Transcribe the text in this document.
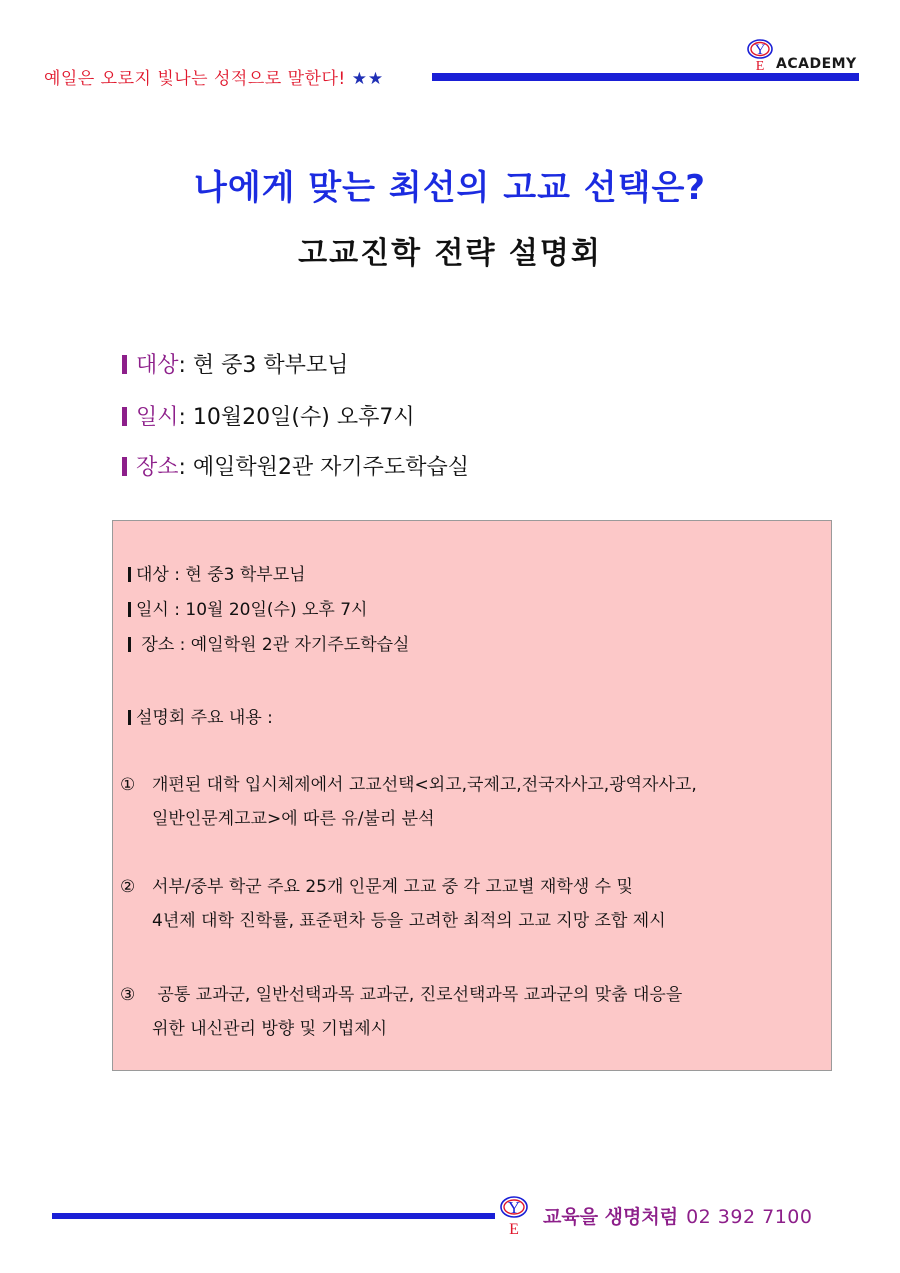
예일은 오로지 빛나는 성적으로 말한다! ★★
Y
E ACADEMY
나에게 맞는 최선의 고교 선택은?
고교진학 전략 설명회
대상: 현 중3 학부모님
일시: 10월20일(수) 오후7시
장소: 예일학원2관 자기주도학습실
대상 : 현 중3 학부모님
일시 : 10월 20일(수) 오후 7시
장소 : 예일학원 2관 자기주도학습실
설명회 주요 내용 :
① 개편된 대학 입시체제에서 고교선택<외고,국제고,전국자사고,광역자사고,
일반인문계고교>에 따른 유/불리 분석
② 서부/중부 학군 주요 25개 인문계 고교 중 각 고교별 재학생 수 및
4년제 대학 진학률, 표준편차 등을 고려한 최적의 고교 지망 조합 제시
③ 공통 교과군, 일반선택과목 교과군, 진로선택과목 교과군의 맞춤 대응을
위한 내신관리 방향 및 기법제시
Y
E
교육을 생명처럼 02 392 7100
